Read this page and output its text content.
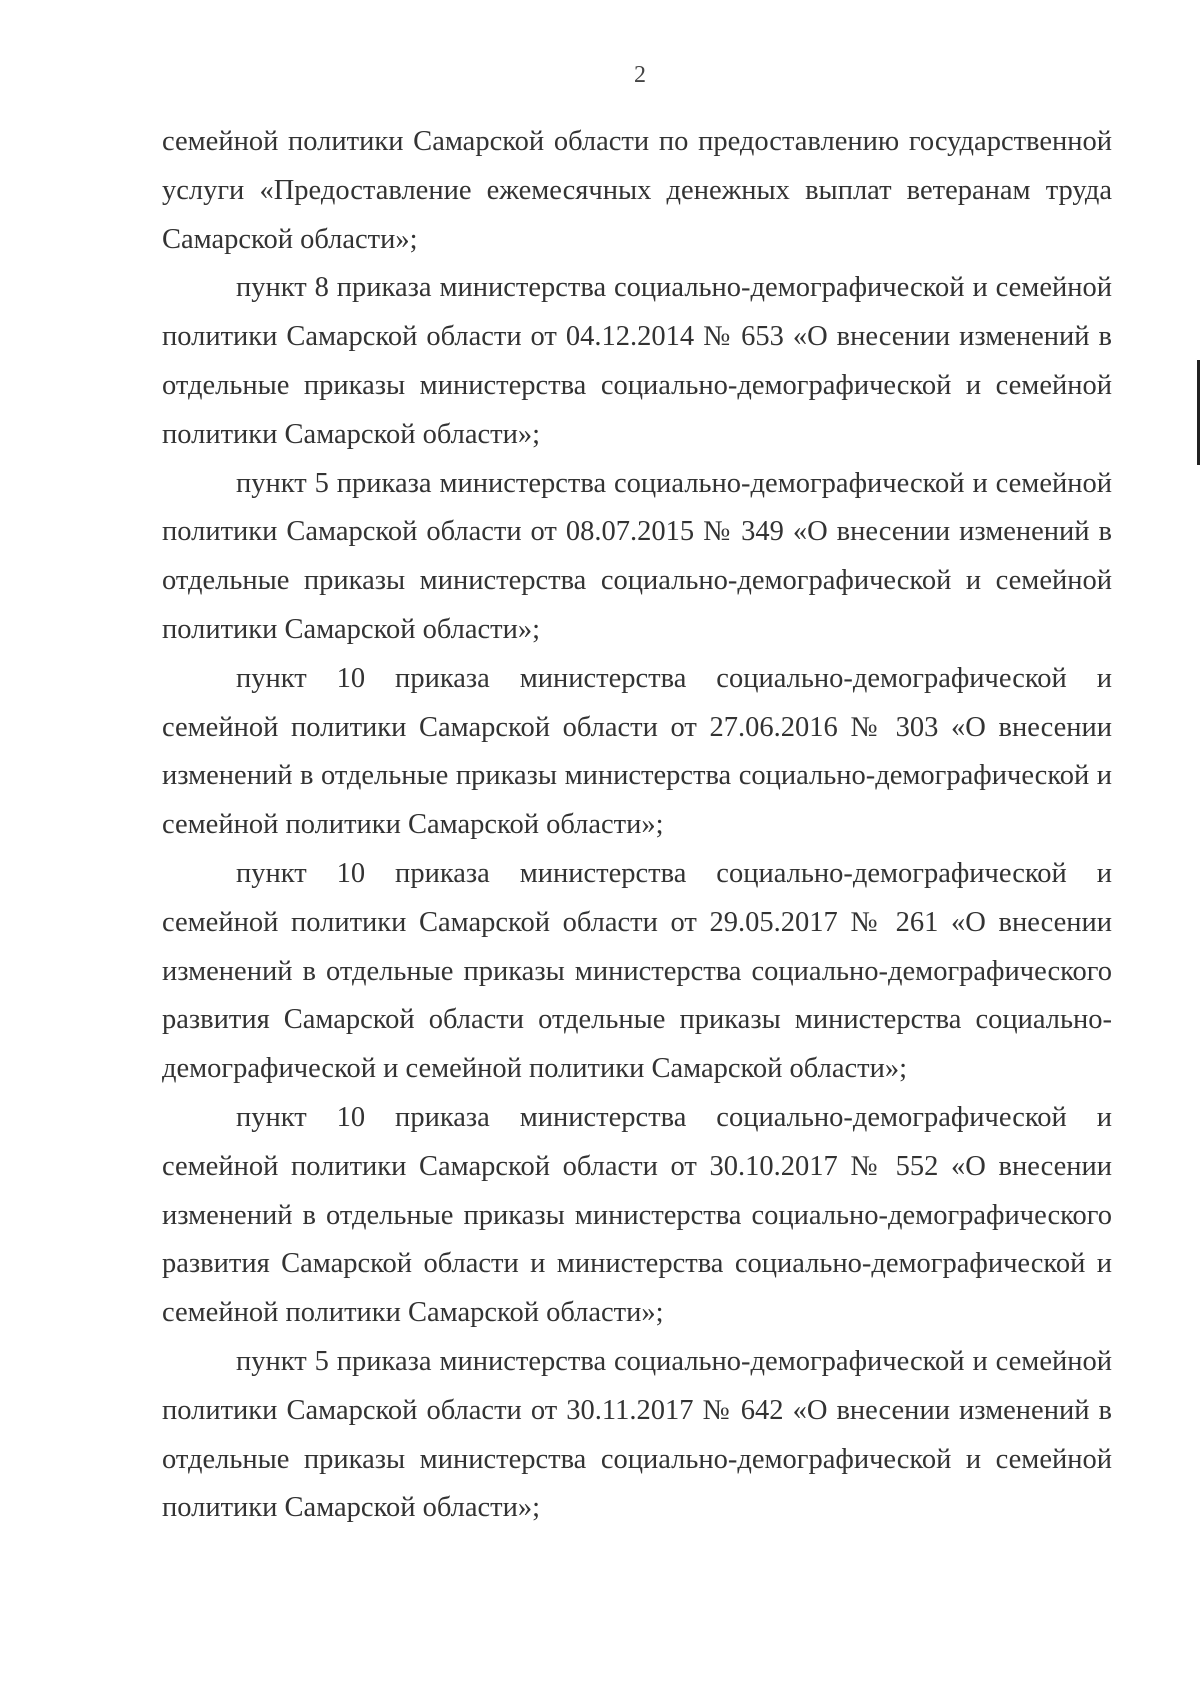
2

семейной политики Самарской области по предоставлению государственной услуги «Предоставление ежемесячных денежных выплат ветеранам труда Самарской области»;

пункт 8 приказа министерства социально-демографической и семейной политики Самарской области от 04.12.2014 № 653 «О внесении изменений в отдельные приказы министерства социально-демографической и семейной политики Самарской области»;

пункт 5 приказа министерства социально-демографической и семейной политики Самарской области от 08.07.2015 № 349 «О внесении изменений в отдельные приказы министерства социально-демографической и семейной политики Самарской области»;

пункт 10 приказа министерства социально-демографической и семейной политики Самарской области от 27.06.2016 № 303 «О внесении изменений в отдельные приказы министерства социально-демографической и семейной политики Самарской области»;

пункт 10 приказа министерства социально-демографической и семейной политики Самарской области от 29.05.2017 № 261 «О внесении изменений в отдельные приказы министерства социально-демографического развития Самарской области отдельные приказы министерства социально-демографической и семейной политики Самарской области»;

пункт 10 приказа министерства социально-демографической и семейной политики Самарской области от 30.10.2017 № 552 «О внесении изменений в отдельные приказы министерства социально-демографического развития Самарской области и министерства социально-демографической и семейной политики Самарской области»;

пункт 5 приказа министерства социально-демографической и семейной политики Самарской области от 30.11.2017 № 642 «О внесении изменений в отдельные приказы министерства социально-демографической и семейной политики Самарской области»;
